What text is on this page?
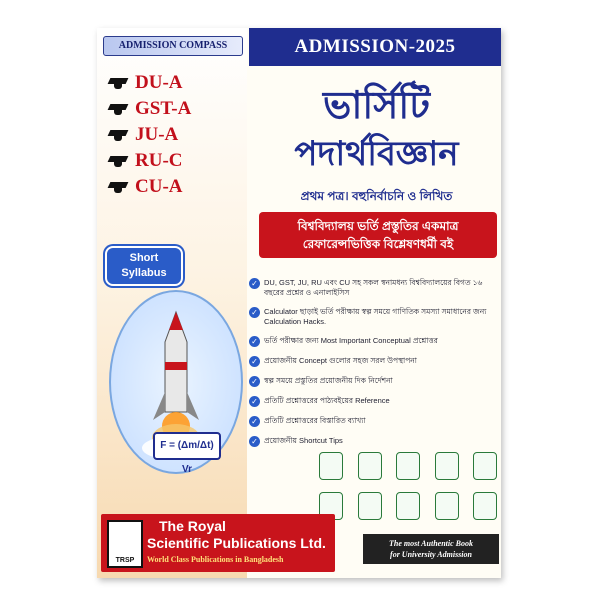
ADMISSION COMPASS
DU-A
GST-A
JU-A
RU-C
CU-A
ADMISSION-2025
ভার্সিটি
পদার্থবিজ্ঞান
প্রথম পত্র। বহুনির্বাচনি ও লিখিত
বিশ্ববিদ্যালয় ভর্তি প্রস্তুতির একমাত্র
রেফারেন্সভিত্তিক বিশ্লেষণধর্মী বই
Short
Syllabus
F = (Δm/Δt) Vr
✓ DU, GST, JU, RU এবং CU সহ সকল স্বনামধন্য বিশ্ববিদ্যালয়ের বিগত ১৬ বছরের প্রশ্নের ও এনালাইসিস
✓ Calculator ছাড়াই ভর্তি পরীক্ষায় স্বল্প সময়ে গাণিতিক সমস্যা সমাধানের জন্য Calculation Hacks.
✓ ভর্তি পরীক্ষার জন্য Most Important Conceptual প্রশ্নোত্তর
✓ প্রয়োজনীয় Concept গুলোর সহজ সরল উপস্থাপনা
✓ স্বল্প সময়ে প্রস্তুতির প্রয়োজনীয় দিক নির্দেশনা
✓ প্রতিটি প্রশ্নোত্তরের পাঠ্যবইয়ের Reference
✓ প্রতিটি প্রশ্নোত্তরের বিস্তারিত ব্যাখ্যা
✓ প্রয়োজনীয় Shortcut Tips
TRSP
The Royal
Scientific Publications Ltd.
World Class Publications in Bangladesh
The most Authentic Book
for University Admission
